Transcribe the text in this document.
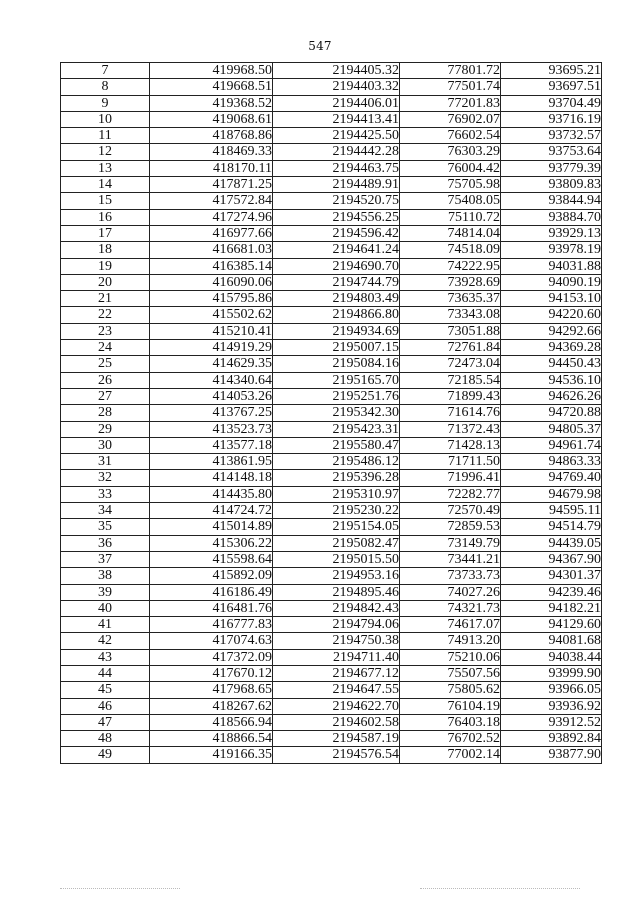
547
7	419968.50	2194405.32	77801.72	93695.21
8	419668.51	2194403.32	77501.74	93697.51
9	419368.52	2194406.01	77201.83	93704.49
10	419068.61	2194413.41	76902.07	93716.19
11	418768.86	2194425.50	76602.54	93732.57
12	418469.33	2194442.28	76303.29	93753.64
13	418170.11	2194463.75	76004.42	93779.39
14	417871.25	2194489.91	75705.98	93809.83
15	417572.84	2194520.75	75408.05	93844.94
16	417274.96	2194556.25	75110.72	93884.70
17	416977.66	2194596.42	74814.04	93929.13
18	416681.03	2194641.24	74518.09	93978.19
19	416385.14	2194690.70	74222.95	94031.88
20	416090.06	2194744.79	73928.69	94090.19
21	415795.86	2194803.49	73635.37	94153.10
22	415502.62	2194866.80	73343.08	94220.60
23	415210.41	2194934.69	73051.88	94292.66
24	414919.29	2195007.15	72761.84	94369.28
25	414629.35	2195084.16	72473.04	94450.43
26	414340.64	2195165.70	72185.54	94536.10
27	414053.26	2195251.76	71899.43	94626.26
28	413767.25	2195342.30	71614.76	94720.88
29	413523.73	2195423.31	71372.43	94805.37
30	413577.18	2195580.47	71428.13	94961.74
31	413861.95	2195486.12	71711.50	94863.33
32	414148.18	2195396.28	71996.41	94769.40
33	414435.80	2195310.97	72282.77	94679.98
34	414724.72	2195230.22	72570.49	94595.11
35	415014.89	2195154.05	72859.53	94514.79
36	415306.22	2195082.47	73149.79	94439.05
37	415598.64	2195015.50	73441.21	94367.90
38	415892.09	2194953.16	73733.73	94301.37
39	416186.49	2194895.46	74027.26	94239.46
40	416481.76	2194842.43	74321.73	94182.21
41	416777.83	2194794.06	74617.07	94129.60
42	417074.63	2194750.38	74913.20	94081.68
43	417372.09	2194711.40	75210.06	94038.44
44	417670.12	2194677.12	75507.56	93999.90
45	417968.65	2194647.55	75805.62	93966.05
46	418267.62	2194622.70	76104.19	93936.92
47	418566.94	2194602.58	76403.18	93912.52
48	418866.54	2194587.19	76702.52	93892.84
49	419166.35	2194576.54	77002.14	93877.90
